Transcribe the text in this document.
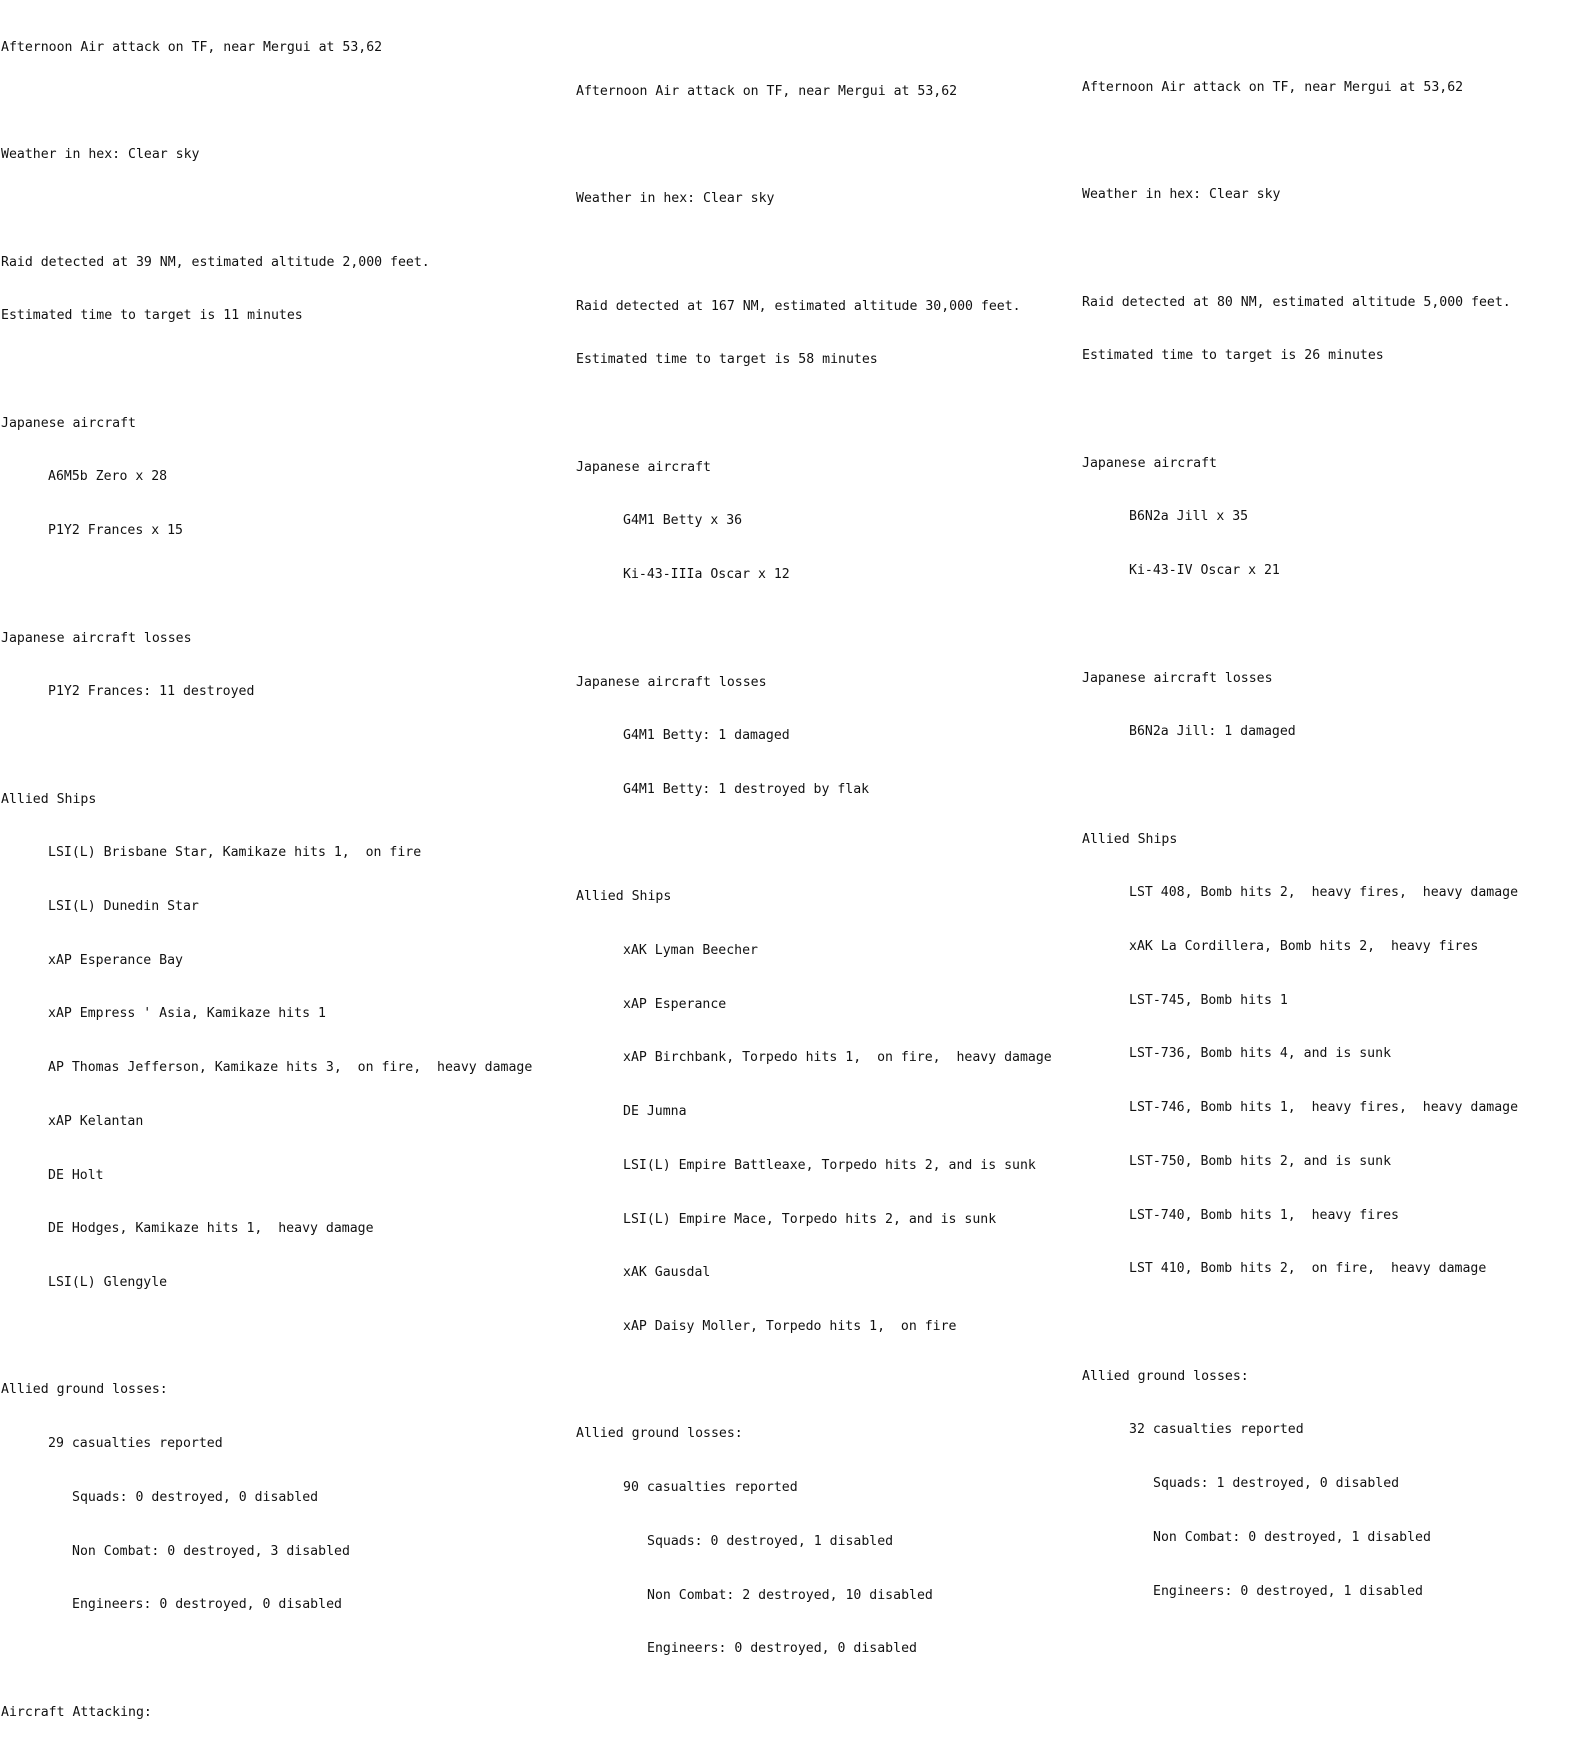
Afternoon Air attack on TF, near Mergui at 53,62

Weather in hex: Clear sky

Raid detected at 39 NM, estimated altitude 2,000 feet.

Estimated time to target is 11 minutes

Japanese aircraft

A6M5b Zero x 28

P1Y2 Frances x 15

Japanese aircraft losses

P1Y2 Frances: 11 destroyed

Allied Ships

LSI(L) Brisbane Star, Kamikaze hits 1,  on fire

LSI(L) Dunedin Star

xAP Esperance Bay

xAP Empress ' Asia, Kamikaze hits 1

AP Thomas Jefferson, Kamikaze hits 3,  on fire,  heavy damage

xAP Kelantan

DE Holt

DE Hodges, Kamikaze hits 1,  heavy damage

LSI(L) Glengyle

Allied ground losses:

29 casualties reported

Squads: 0 destroyed, 0 disabled

Non Combat: 0 destroyed, 3 disabled

Engineers: 0 destroyed, 0 disabled

Aircraft Attacking:

Afternoon Air attack on TF, near Mergui at 53,62

Weather in hex: Clear sky

Raid detected at 167 NM, estimated altitude 30,000 feet.

Estimated time to target is 58 minutes

Japanese aircraft

G4M1 Betty x 36

Ki-43-IIIa Oscar x 12

Japanese aircraft losses

G4M1 Betty: 1 damaged

G4M1 Betty: 1 destroyed by flak

Allied Ships

xAK Lyman Beecher

xAP Esperance

xAP Birchbank, Torpedo hits 1,  on fire,  heavy damage

DE Jumna

LSI(L) Empire Battleaxe, Torpedo hits 2, and is sunk

LSI(L) Empire Mace, Torpedo hits 2, and is sunk

xAK Gausdal

xAP Daisy Moller, Torpedo hits 1,  on fire

Allied ground losses:

90 casualties reported

Squads: 0 destroyed, 1 disabled

Non Combat: 2 destroyed, 10 disabled

Engineers: 0 destroyed, 0 disabled

Afternoon Air attack on TF, near Mergui at 53,62

Weather in hex: Clear sky

Raid detected at 80 NM, estimated altitude 5,000 feet.

Estimated time to target is 26 minutes

Japanese aircraft

B6N2a Jill x 35

Ki-43-IV Oscar x 21

Japanese aircraft losses

B6N2a Jill: 1 damaged

Allied Ships

LST 408, Bomb hits 2,  heavy fires,  heavy damage

xAK La Cordillera, Bomb hits 2,  heavy fires

LST-745, Bomb hits 1

LST-736, Bomb hits 4, and is sunk

LST-746, Bomb hits 1,  heavy fires,  heavy damage

LST-750, Bomb hits 2, and is sunk

LST-740, Bomb hits 1,  heavy fires

LST 410, Bomb hits 2,  on fire,  heavy damage

Allied ground losses:

32 casualties reported

Squads: 1 destroyed, 0 disabled

Non Combat: 0 destroyed, 1 disabled

Engineers: 0 destroyed, 1 disabled
